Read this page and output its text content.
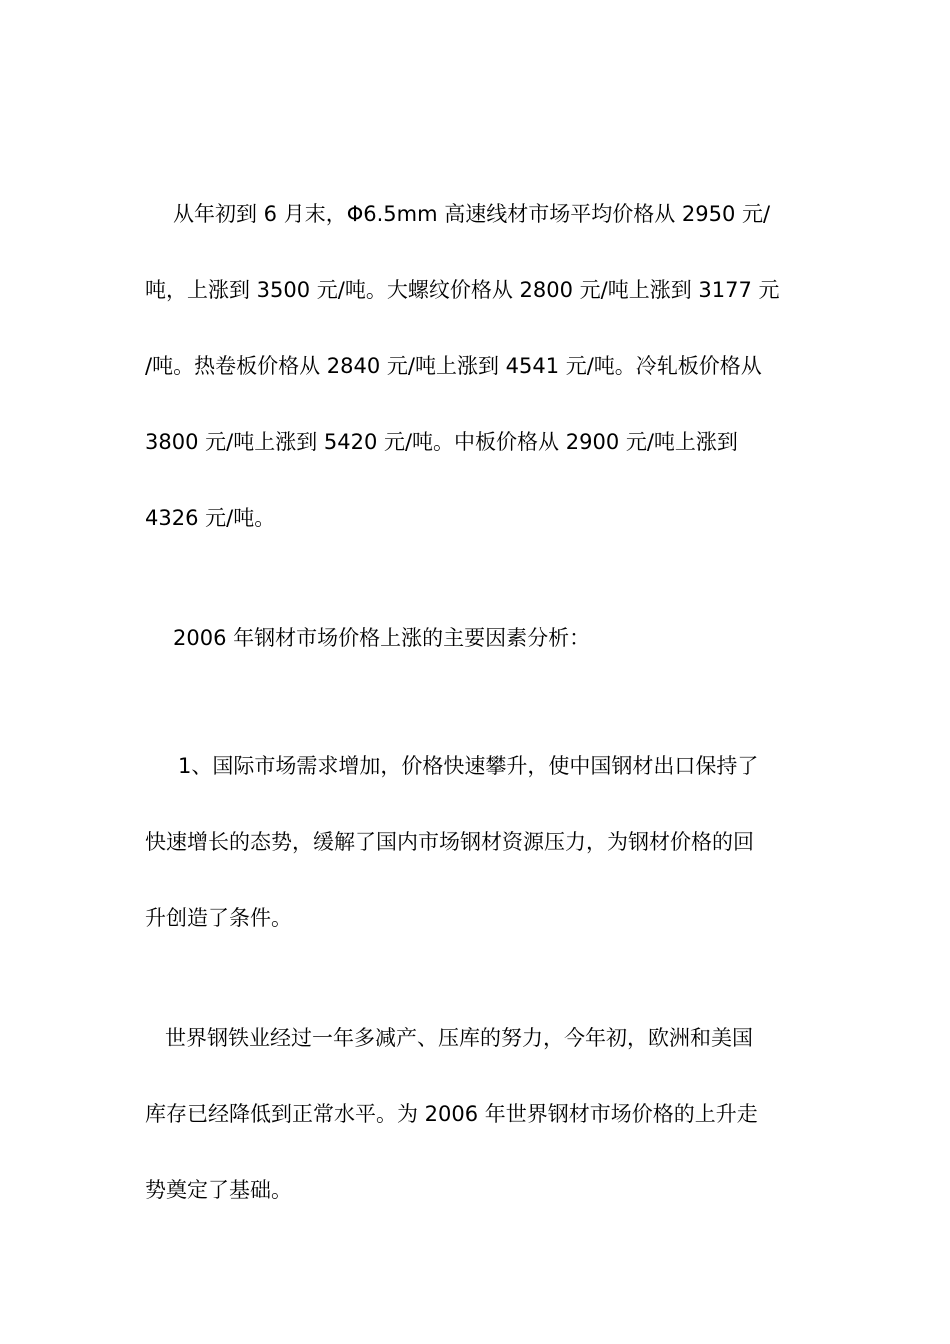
从年初到 6 月末，Φ6.5mm 高速线材市场平均价格从 2950 元/
吨，上涨到 3500 元/吨。大螺纹价格从 2800 元/吨上涨到 3177 元
/吨。热卷板价格从 2840 元/吨上涨到 4541 元/吨。冷轧板价格从
3800 元/吨上涨到 5420 元/吨。中板价格从 2900 元/吨上涨到
4326 元/吨。
2006 年钢材市场价格上涨的主要因素分析：
1、国际市场需求增加，价格快速攀升，使中国钢材出口保持了
快速增长的态势，缓解了国内市场钢材资源压力，为钢材价格的回
升创造了条件。
世界钢铁业经过一年多减产、压库的努力，今年初，欧洲和美国
库存已经降低到正常水平。为 2006 年世界钢材市场价格的上升走
势奠定了基础。
